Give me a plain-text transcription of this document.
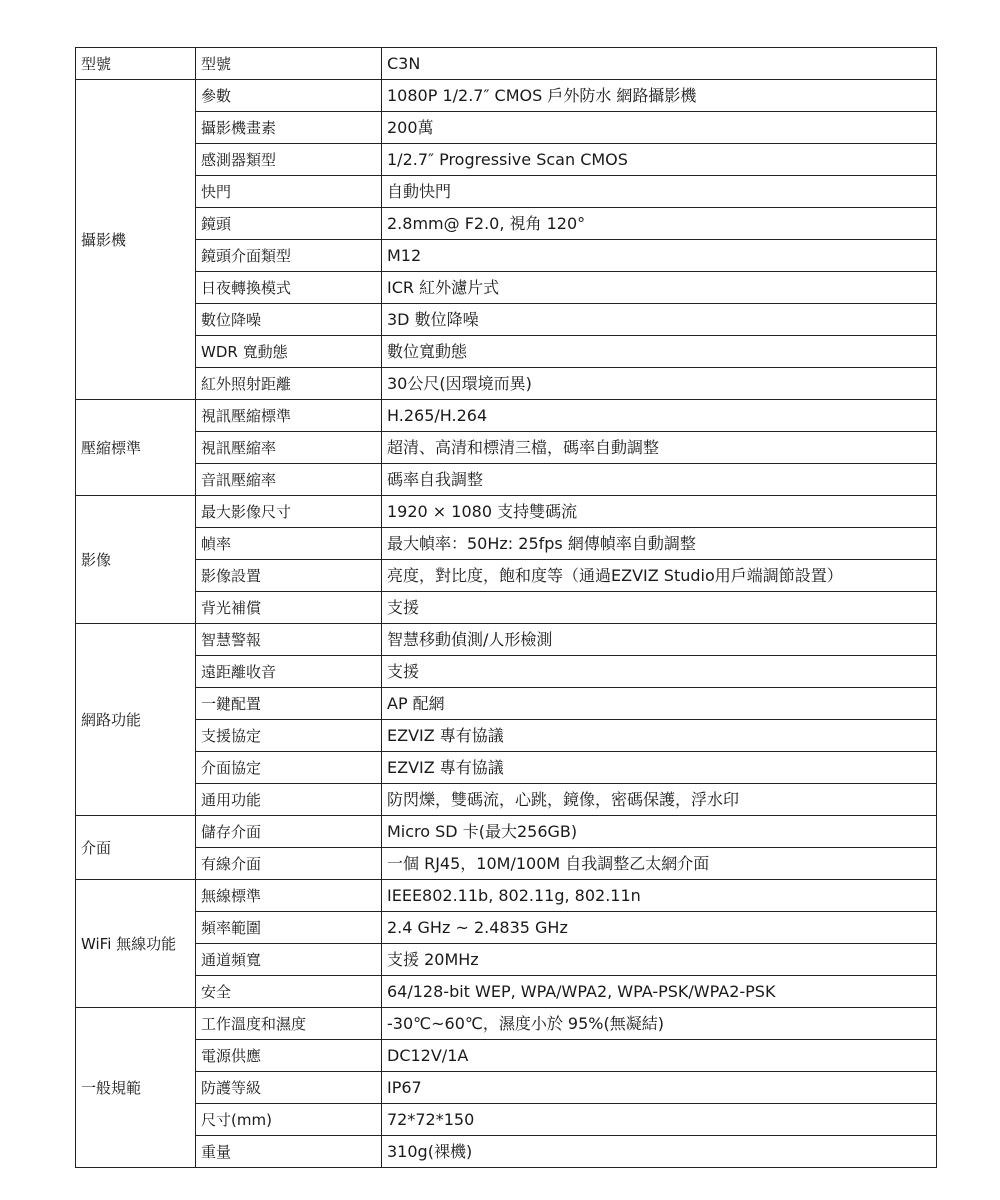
型號	型號	C3N
攝影機	參數	1080P 1/2.7″ CMOS 戶外防水 網路攝影機
	攝影機畫素	200萬
	感測器類型	1/2.7″ Progressive Scan CMOS
	快門	自動快門
	鏡頭	2.8mm@ F2.0, 視角 120°
	鏡頭介面類型	M12
	日夜轉換模式	ICR 紅外濾片式
	數位降噪	3D 數位降噪
	WDR 寬動態	數位寬動態
	紅外照射距離	30公尺(因環境而異)
壓縮標準	視訊壓縮標準	H.265/H.264
	視訊壓縮率	超清、高清和標清三檔，碼率自動調整
	音訊壓縮率	碼率自我調整
影像	最大影像尺寸	1920 × 1080 支持雙碼流
	幀率	最大幀率：50Hz: 25fps 網傳幀率自動調整
	影像設置	亮度，對比度，飽和度等（通過EZVIZ Studio用戶端調節設置）
	背光補償	支援
網路功能	智慧警報	智慧移動偵測/人形檢測
	遠距離收音	支援
	一鍵配置	AP 配網
	支援協定	EZVIZ 專有協議
	介面協定	EZVIZ 專有協議
	通用功能	防閃爍，雙碼流，心跳，鏡像，密碼保護，浮水印
介面	儲存介面	Micro SD 卡(最大256GB)
	有線介面	一個 RJ45，10M/100M 自我調整乙太網介面
WiFi 無線功能	無線標準	IEEE802.11b, 802.11g, 802.11n
	頻率範圍	2.4 GHz ~ 2.4835 GHz
	通道頻寬	支援 20MHz
	安全	64/128-bit WEP, WPA/WPA2, WPA-PSK/WPA2-PSK
一般規範	工作溫度和濕度	-30℃~60℃，濕度小於 95%(無凝結)
	電源供應	DC12V/1A
	防護等級	IP67
	尺寸(mm)	72*72*150
	重量	310g(裸機)
